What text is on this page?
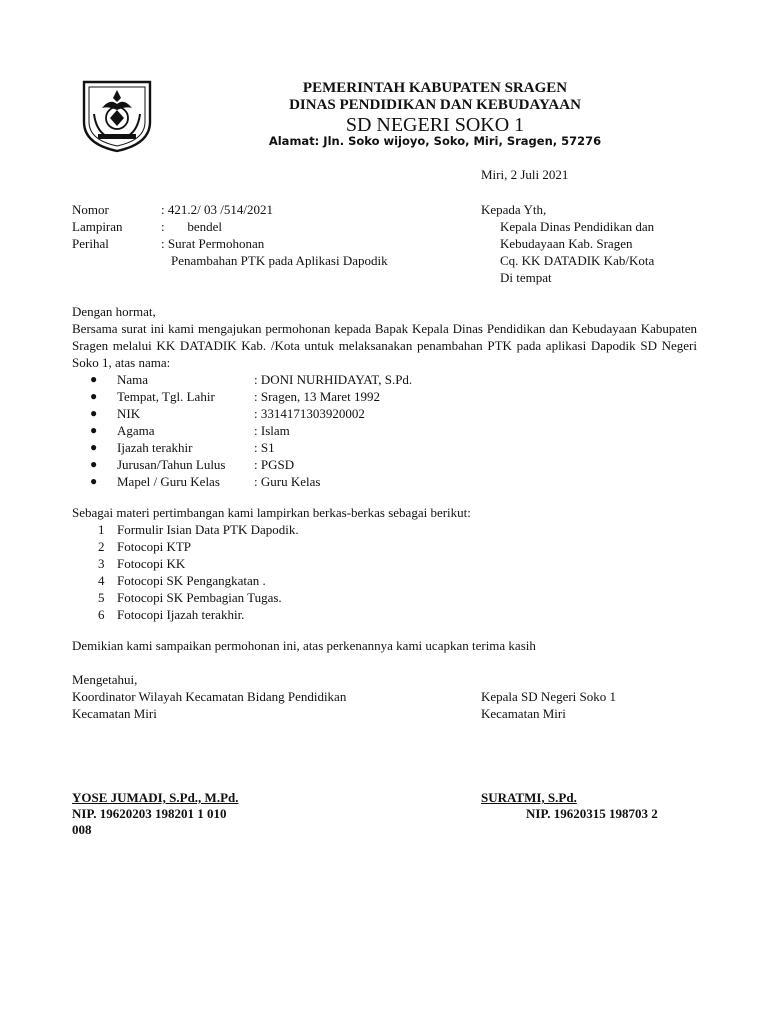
PEMERINTAH KABUPATEN SRAGEN
DINAS PENDIDIKAN DAN KEBUDAYAAN
SD NEGERI SOKO 1
Alamat: Jln. Soko wijoyo, Soko, Miri, Sragen, 57276
Miri, 2 Juli 2021
Nomor	: 421.2/ 03 /514/2021
Lampiran	:       bendel
Perihal	: Surat Permohonan
Penambahan PTK pada Aplikasi Dapodik
Kepada Yth,
Kepala Dinas Pendidikan dan
Kebudayaan Kab. Sragen
Cq. KK DATADIK Kab/Kota
Di tempat
Dengan hormat,

Bersama surat ini kami mengajukan permohonan kepada Bapak Kepala Dinas Pendidikan dan Kebudayaan Kabupaten Sragen melalui KK DATADIK Kab. /Kota untuk melaksanakan penambahan PTK pada aplikasi Dapodik SD Negeri Soko 1, atas nama:

● Nama	: DONI NURHIDAYAT, S.Pd.
● Tempat, Tgl. Lahir	: Sragen, 13 Maret 1992
● NIK	: 3314171303920002
● Agama	: Islam
● Ijazah terakhir	: S1
● Jurusan/Tahun Lulus : PGSD
● Mapel / Guru Kelas	: Guru Kelas
Sebagai materi pertimbangan kami lampirkan berkas-berkas sebagai berikut:
1 Formulir Isian Data PTK Dapodik.
2 Fotocopi KTP
3 Fotocopi KK
4 Fotocopi SK Pengangkatan .
5 Fotocopi SK Pembagian Tugas.
6 Fotocopi Ijazah terakhir.
Demikian kami sampaikan permohonan ini, atas perkenannya kami ucapkan terima kasih
Mengetahui,
Koordinator Wilayah Kecamatan Bidang Pendidikan
Kecamatan Miri
Kepala SD Negeri Soko 1
Kecamatan Miri
YOSE JUMADI, S.Pd., M.Pd.
NIP. 19620203 198201 1 010
008
SURATMI, S.Pd.
NIP. 19620315 198703 2
